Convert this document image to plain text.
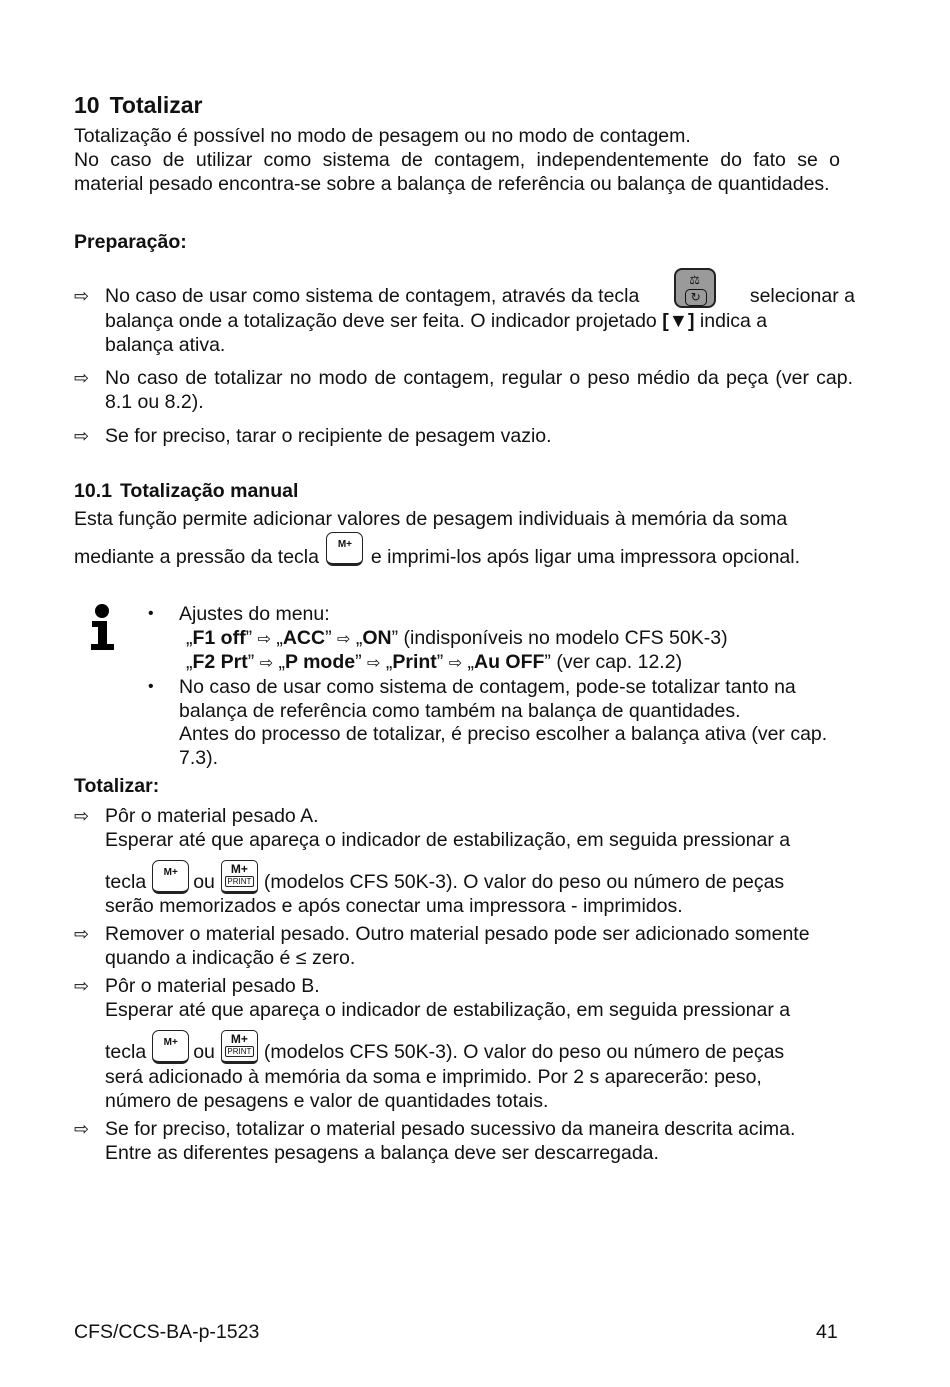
10 Totalizar
Totalização é possível no modo de pesagem ou no modo de contagem.
No caso de utilizar como sistema de contagem, independentemente do fato se o material pesado encontra-se sobre a balança de referência ou balança de quantidades.
Preparação:
⇨ No caso de usar como sistema de contagem, através da tecla
⚖
↻	selecionar a
balança onde a totalização deve ser feita. O indicador projetado [▼] indica a
balança ativa.
⇨ No caso de totalizar no modo de contagem, regular o peso médio da peça (ver cap. 8.1 ou 8.2).
⇨ Se for preciso, tarar o recipiente de pesagem vazio.
10.1 Totalização manual
Esta função permite adicionar valores de pesagem individuais à memória da soma
mediante a pressão da tecla
M+
e imprimi-los após ligar uma impressora opcional.
• Ajustes do menu:
„F1 off” ⇨ „ACC” ⇨ „ON” (indisponíveis no modelo CFS 50K-3)
„F2 Prt” ⇨ „P mode” ⇨ „Print” ⇨ „Au OFF” (ver cap. 12.2)
• No caso de usar como sistema de contagem, pode-se totalizar tanto na
balança de referência como também na balança de quantidades.
Antes do processo de totalizar, é preciso escolher a balança ativa (ver cap.
7.3).
Totalizar:
⇨ Pôr o material pesado A.
Esperar até que apareça o indicador de estabilização, em seguida pressionar a
tecla	M+ ou
M+
PRINT (modelos CFS 50K-3). O valor do peso ou número de peças
serão memorizados e após conectar uma impressora - imprimidos.
⇨ Remover o material pesado. Outro material pesado pode ser adicionado somente
quando a indicação é ≤ zero.
⇨ Pôr o material pesado B.
Esperar até que apareça o indicador de estabilização, em seguida pressionar a
tecla	M+ ou
M+
PRINT (modelos CFS 50K-3). O valor do peso ou número de peças
será adicionado à memória da soma e imprimido. Por 2 s aparecerão: peso,
número de pesagens e valor de quantidades totais.
⇨ Se for preciso, totalizar o material pesado sucessivo da maneira descrita acima.
Entre as diferentes pesagens a balança deve ser descarregada.
CFS/CCS-BA-p-1523	41
